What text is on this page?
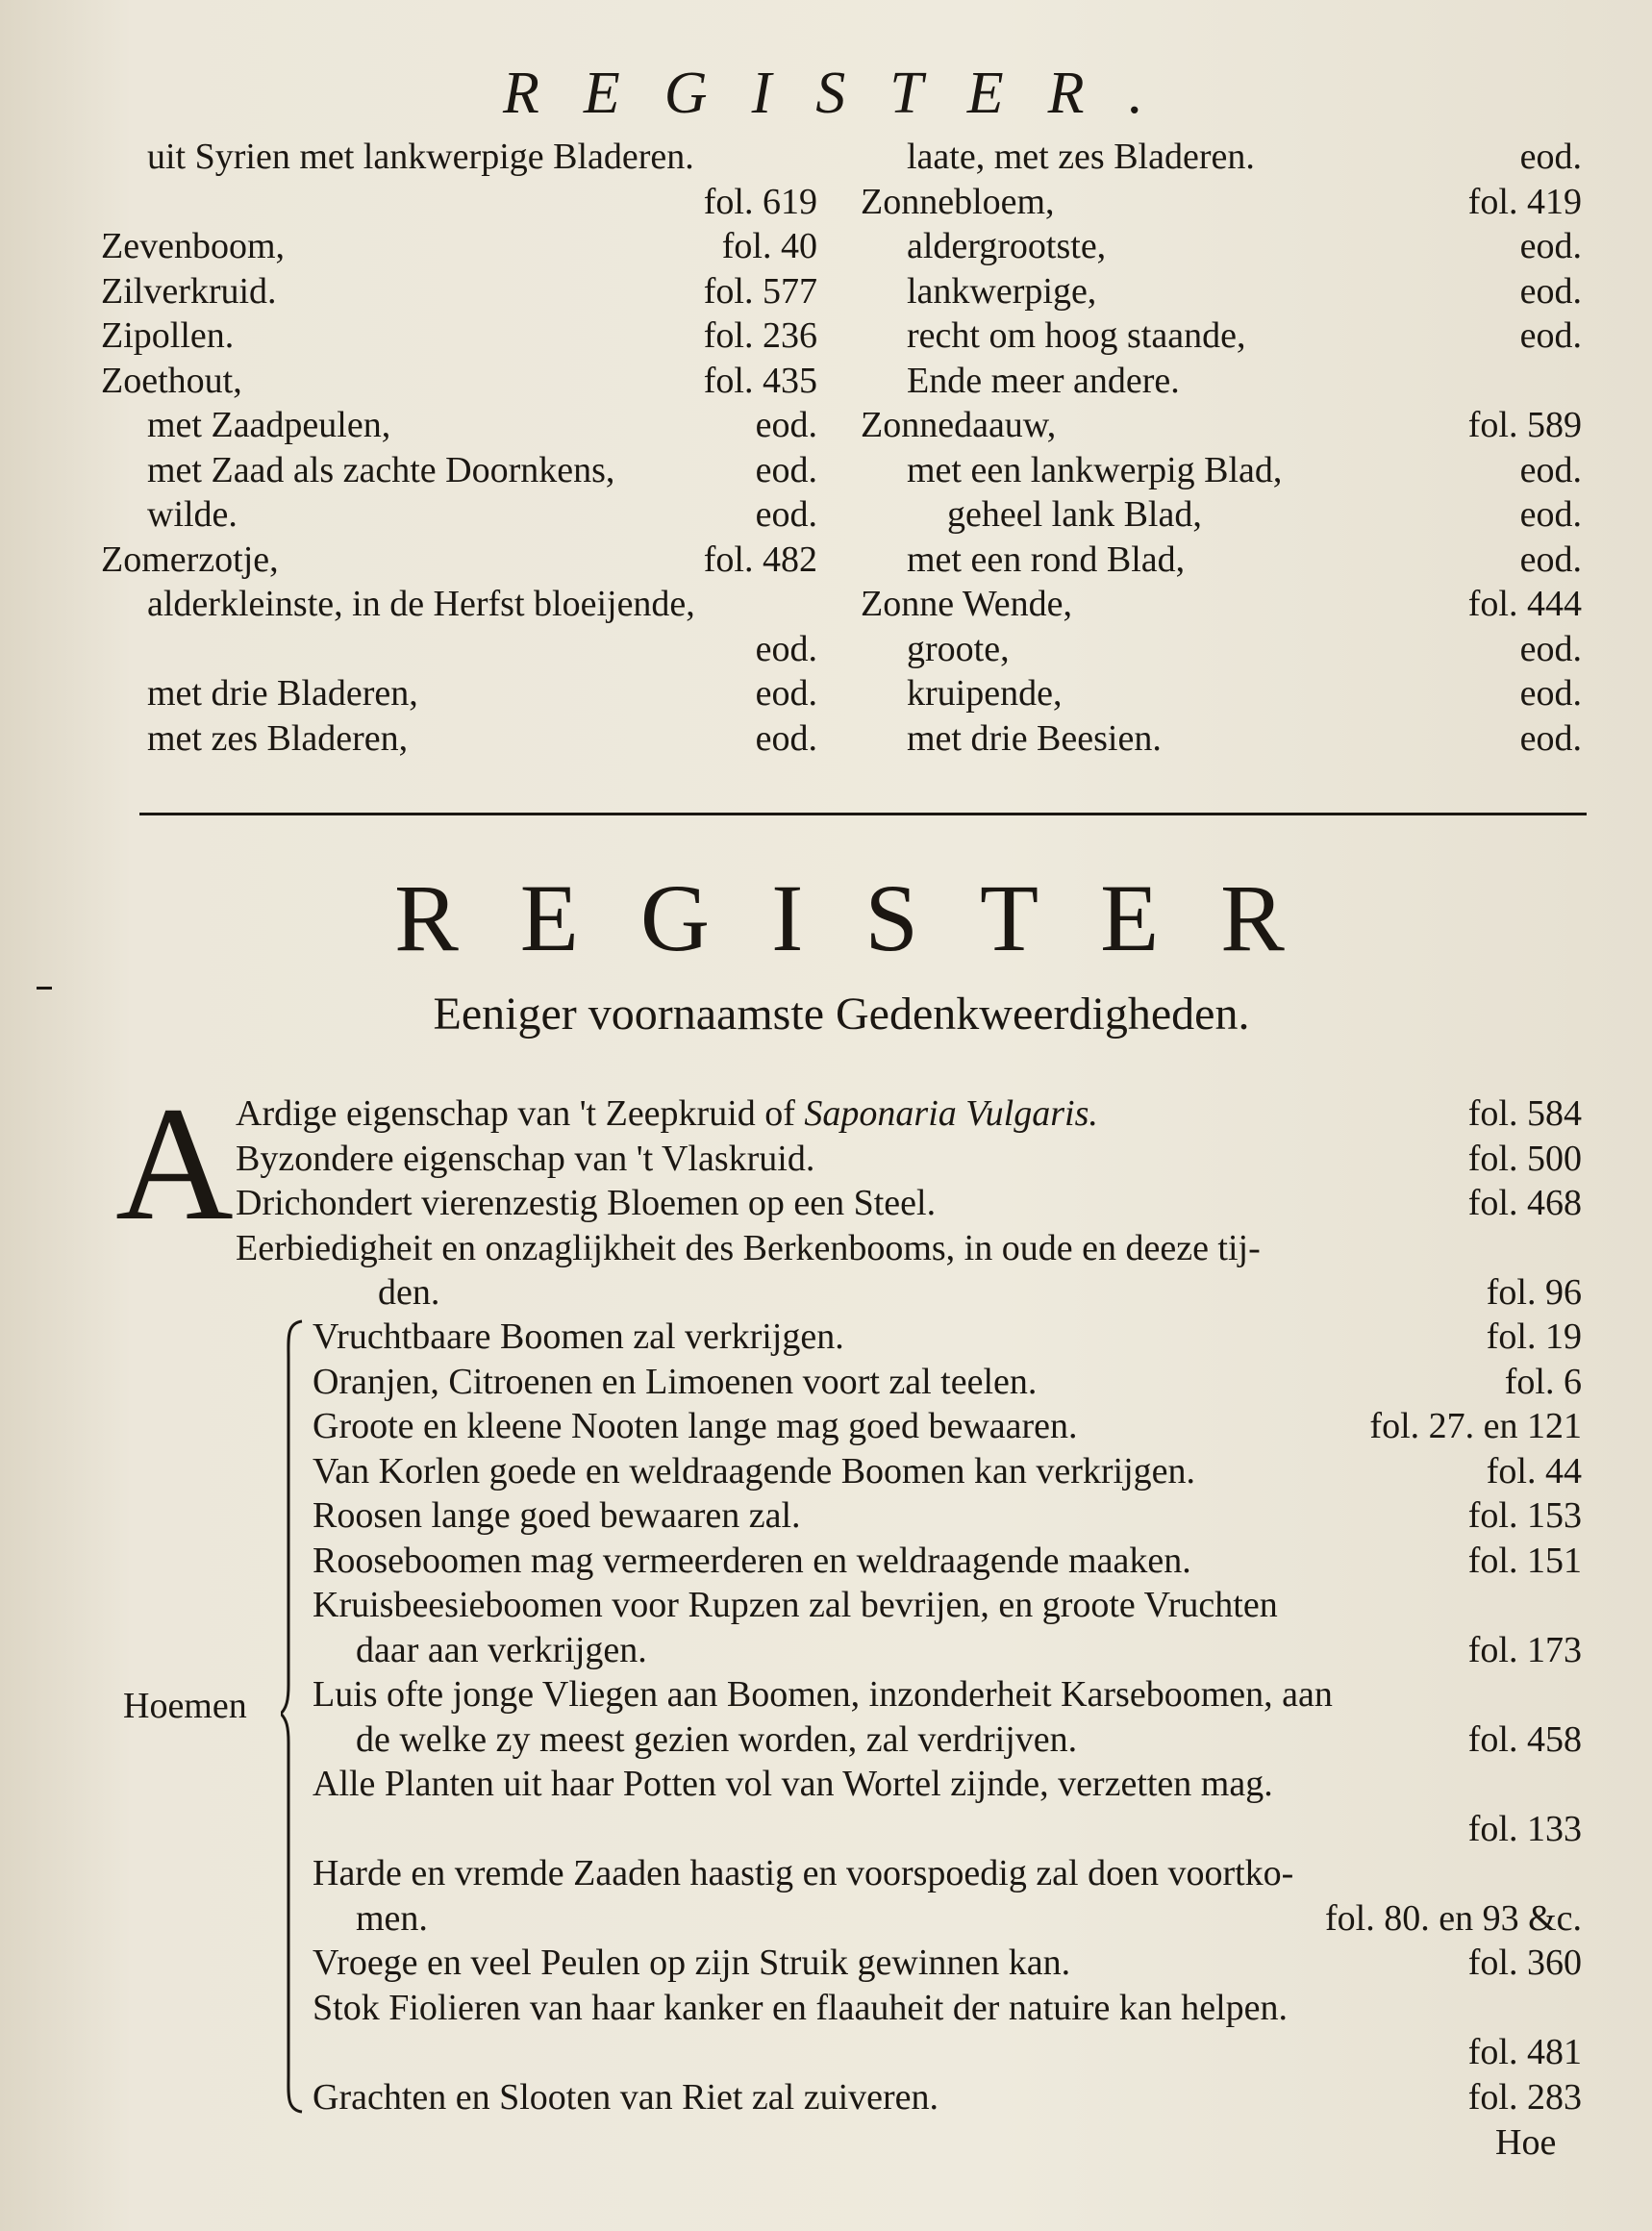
REGISTER.
uit Syrien met lankwerpige Bladeren.
fol. 619
Zevenboom,	fol. 40
Zilverkruid.	fol. 577
Zipollen.	fol. 236
Zoethout,	fol. 435
met Zaadpeulen,	eod.
met Zaad als zachte Doornkens,	eod.
wilde.	eod.
Zomerzotje,	fol. 482
alderkleinste, in de Herfst bloeijende,
eod.
met drie Bladeren,	eod.
met zes Bladeren,	eod.
laate, met zes Bladeren.	eod.
Zonnebloem,	fol. 419
aldergrootste,	eod.
lankwerpige,	eod.
recht om hoog staande,	eod.
Ende meer andere.
Zonnedaauw,	fol. 589
met een lankwerpig Blad,	eod.
geheel lank Blad,	eod.
met een rond Blad,	eod.
Zonne Wende,	fol. 444
groote,	eod.
kruipende,	eod.
met drie Beesien.	eod.
REGISTER
Eeniger voornaamste Gedenkweerdigheden.
A Ardige eigenschap van 't Zeepkruid of Saponaria Vulgaris.	fol. 584
Byzondere eigenschap van 't Vlaskruid.	fol. 500
Drichondert vierenzestig Bloemen op een Steel.	fol. 468
Eerbiedigheit en onzaglijkheit des Berkenbooms, in oude en deeze tij-
den.	fol. 96
Hoemen
Vruchtbaare Boomen zal verkrijgen.	fol. 19
Oranjen, Citroenen en Limoenen voort zal teelen.	fol. 6
Groote en kleene Nooten lange mag goed bewaaren.	fol. 27. en 121
Van Korlen goede en weldraagende Boomen kan verkrijgen.	fol. 44
Roosen lange goed bewaaren zal.	fol. 153
Rooseboomen mag vermeerderen en weldraagende maaken.	fol. 151
Kruisbeesieboomen voor Rupzen zal bevrijen, en groote Vruchten
daar aan verkrijgen.	fol. 173
Luis ofte jonge Vliegen aan Boomen, inzonderheit Karseboomen, aan
de welke zy meest gezien worden, zal verdrijven.	fol. 458
Alle Planten uit haar Potten vol van Wortel zijnde, verzetten mag.
fol. 133
Harde en vremde Zaaden haastig en voorspoedig zal doen voortko-
men.	fol. 80. en 93 &c.
Vroege en veel Peulen op zijn Struik gewinnen kan.	fol. 360
Stok Fiolieren van haar kanker en flaauheit der natuire kan helpen.
fol. 481
Grachten en Slooten van Riet zal zuiveren.	fol. 283
Hoe
